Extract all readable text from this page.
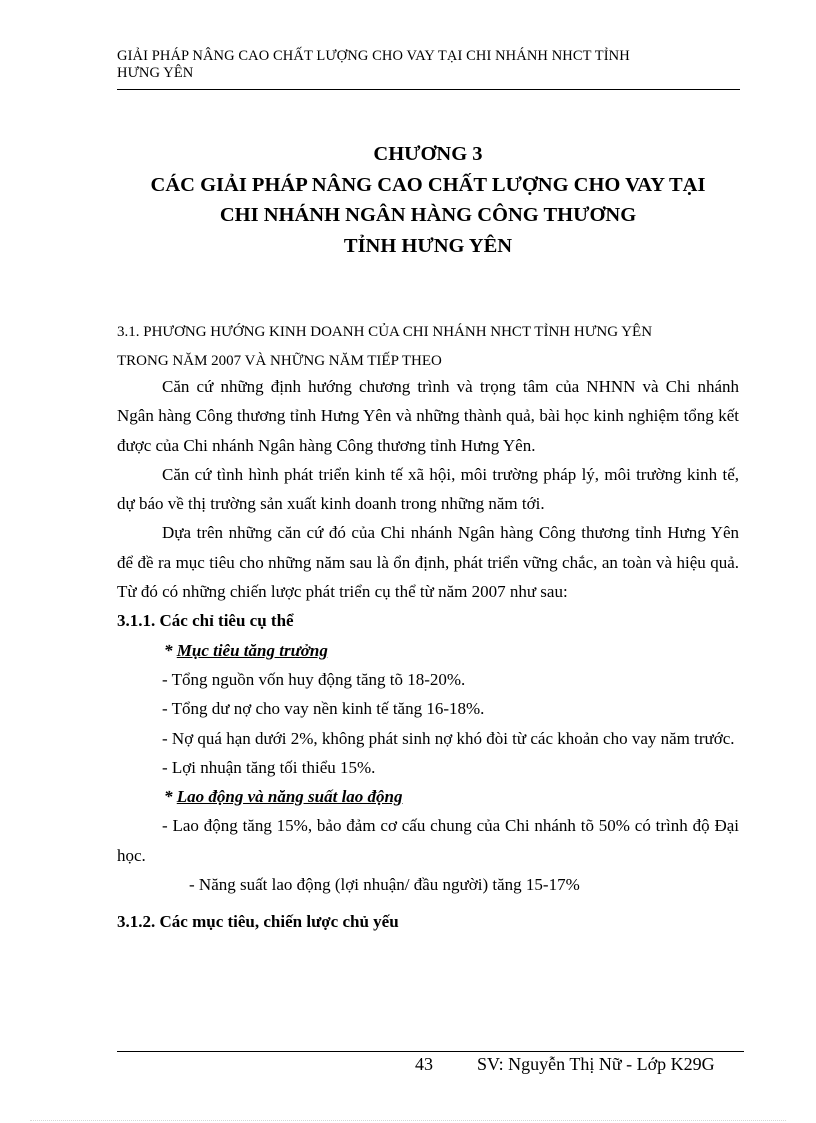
GIẢI PHÁP NÂNG CAO CHẤT LƯỢNG CHO VAY TẠI CHI NHÁNH NHCT TỈNH
HƯNG YÊN
CHƯƠNG 3
CÁC GIẢI PHÁP NÂNG CAO CHẤT LƯỢNG CHO VAY TẠI
CHI NHÁNH NGÂN HÀNG CÔNG THƯƠNG
TỈNH HƯNG YÊN
3.1. PHƯƠNG HƯỚNG KINH DOANH CỦA CHI NHÁNH NHCT TỈNH HƯNG YÊN
TRONG NĂM 2007 VÀ NHỮNG NĂM TIẾP THEO

Căn cứ những định hướng chương trình và trọng tâm của NHNN và Chi nhánh Ngân hàng Công thương tỉnh Hưng Yên và những thành quả, bài học kinh nghiệm tổng kết được của Chi nhánh Ngân hàng Công thương tỉnh Hưng Yên.

Căn cứ tình hình phát triển kinh tế xã hội, môi trường pháp lý, môi trường kinh tế, dự báo về thị trường sản xuất kinh doanh trong những năm tới.

Dựa trên những căn cứ đó của Chi nhánh Ngân hàng Công thương tỉnh Hưng Yên để đề ra mục tiêu cho những năm sau là ổn định, phát triển vững chắc, an toàn và hiệu quả. Từ đó có những chiến lược phát triển cụ thể từ năm 2007 như sau:

3.1.1. Các chỉ tiêu cụ thể

* Mục tiêu tăng trưởng

- Tổng nguồn vốn huy động tăng tõ 18-20%.

- Tổng dư nợ cho vay nền kinh tế tăng 16-18%.

- Nợ quá hạn dưới 2%, không phát sinh nợ khó đòi từ các khoản cho vay năm trước.

- Lợi nhuận tăng tối thiểu 15%.

* Lao động và năng suất lao động

- Lao động tăng 15%, bảo đảm cơ cấu chung của Chi nhánh tõ 50% có trình độ Đại học.

- Năng suất lao động (lợi nhuận/ đầu người) tăng 15-17%

3.1.2. Các mục tiêu, chiến lược chủ yếu

43 SV: Nguyễn Thị Nữ - Lớp K29G
